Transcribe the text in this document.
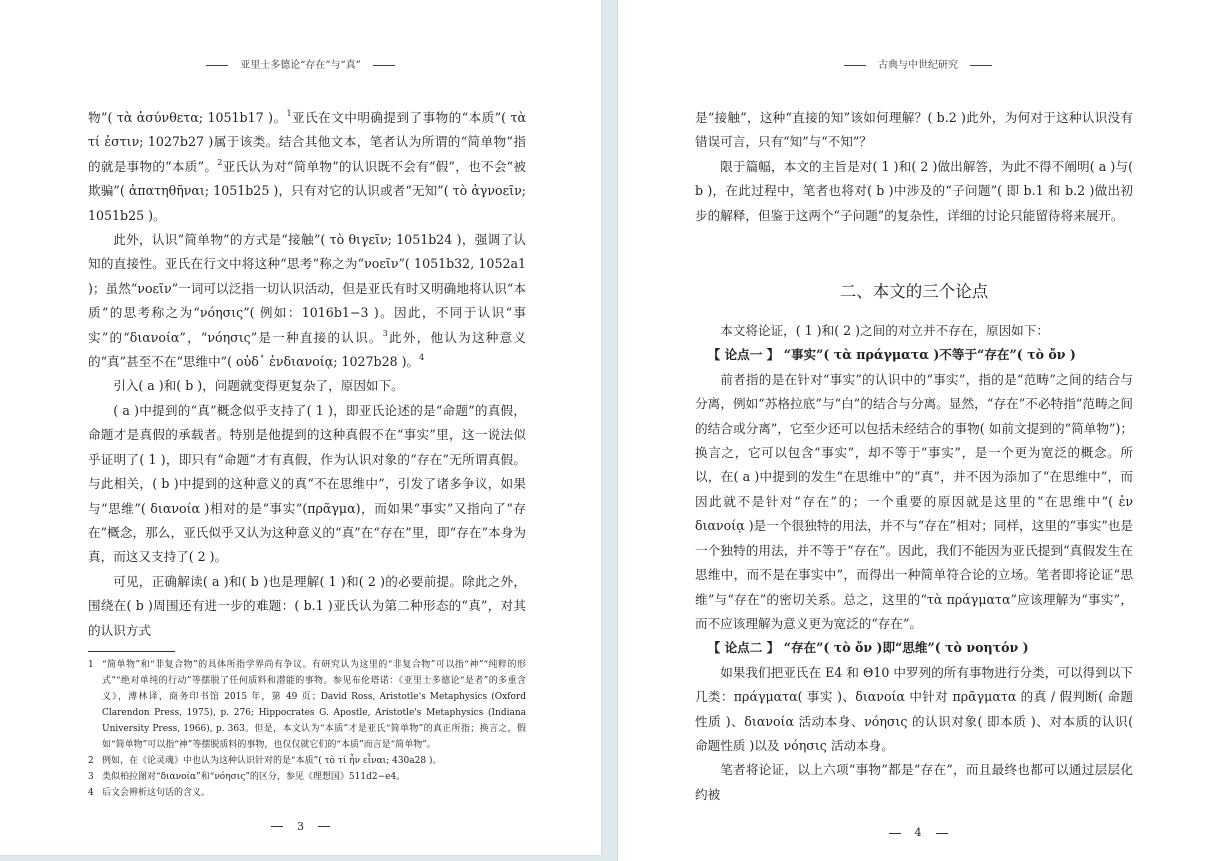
亚里士多德论“存在”与“真”

物”( τὰ ἀσύνθετα; 1051b17 )。$^1$亚氏在文中明确提到了事物的“本质”( τὰ τί ἐστιν; 1027b27 )属于该类。结合其他文本，笔者认为所谓的“简单物”指的就是事物的“本质”。$^2$亚氏认为对“简单物”的认识既不会有“假”，也不会“被欺骗”( ἀπατηθῆναι; 1051b25 )，只有对它的认识或者“无知”( τὸ ἀγνοεῖν; 1051b25 )。

此外，认识“简单物”的方式是“接触”( τὸ θιγεῖν; 1051b24 )，强调了认知的直接性。亚氏在行文中将这种“思考”称之为“νοεῖν”( 1051b32, 1052a1 )；虽然“νοεῖν”一词可以泛指一切认识活动，但是亚氏有时又明确地将认识“本质”的思考称之为“νόησις”( 例如：1016b1−3 )。因此，不同于认识“事实”的“διανοία”，“νόησις”是一种直接的认识。$^3$此外，他认为这种意义的“真”甚至不在“思维中”( οὐδ᾽ ἐνδιανοίᾳ; 1027b28 )。$^4$

引入( a )和( b )，问题就变得更复杂了，原因如下。

( a )中提到的“真”概念似乎支持了( 1 )，即亚氏论述的是“命题”的真假，命题才是真假的承载者。特别是他提到的这种真假不在“事实”里，这一说法似乎证明了( 1 )，即只有“命题”才有真假，作为认识对象的“存在”无所谓真假。与此相关，( b )中提到的这种意义的真“不在思维中”，引发了诸多争议，如果与“思维”( διανοία )相对的是“事实”(πρᾶγμα)，而如果“事实”又指向了“存在”概念，那么，亚氏似乎又认为这种意义的“真”在“存在”里，即“存在”本身为真，而这又支持了( 2 )。

可见，正确解读( a )和( b )也是理解( 1 )和( 2 )的必要前提。除此之外，围绕在( b )周围还有进一步的难题：( b.1 )亚氏认为第二种形态的“真”，对其的认识方式

1 “简单物”和“非复合物”的具体所指学界尚有争议。有研究认为这里的“非复合物”可以指“神”“纯粹的形式”“绝对单纯的行动”等摆脱了任何质料和潜能的事物。参见布伦塔诺：《亚里士多德论“是者”的多重含义》，溥林译，商务印书馆 2015 年，第 49 页；David Ross, Aristotle's Metaphysics (Oxford Clarendon Press, 1975), p. 276; Hippocrates G. Apostle, Aristotle's Metaphysics (Indiana University Press, 1966), p. 363。但是，本文认为“本质”才是亚氏“简单物”的真正所指；换言之，假如“简单物”可以指“神”等摆脱质料的事物，也仅仅就它们的“本质”而言是“简单物”。
2 例如，在《论灵魂》中也认为这种认识针对的是“本质”( τὸ τί ἦν εἶναι; 430a28 )。
3 类似柏拉图对“διανοία”和“νόησις”的区分，参见《理想国》511d2−e4。
4 后文会辨析这句话的含义。
3
古典与中世纪研究

是“接触”，这种“直接的知”该如何理解？( b.2 )此外，为何对于这种认识没有错误可言，只有“知”与“不知”？

限于篇幅，本文的主旨是对( 1 )和( 2 )做出解答，为此不得不阐明( a )与( b )，在此过程中，笔者也将对( b )中涉及的“子问题”( 即 b.1 和 b.2 )做出初步的解释，但鉴于这两个“子问题”的复杂性，详细的讨论只能留待将来展开。

二、本文的三个论点

本文将论证，( 1 )和( 2 )之间的对立并不存在，原因如下：

【 论点一 】 “事实”( τὰ πράγματα )不等于“存在”( τὸ ὄν )

前者指的是在针对“事实”的认识中的“事实”，指的是“范畴”之间的结合与分离，例如“苏格拉底”与“白”的结合与分离。显然，“存在”不必特指“范畴之间的结合或分离”，它至少还可以包括未经结合的事物( 如前文提到的“简单物”)；换言之，它可以包含“事实”，却不等于“事实”，是一个更为宽泛的概念。所以，在( a )中提到的发生“在思维中”的“真”，并不因为添加了“在思维中”，而因此就不是针对“存在”的；一个重要的原因就是这里的“在思维中”( ἐν διανοίᾳ )是一个很独特的用法，并不与“存在”相对；同样，这里的“事实”也是一个独特的用法，并不等于“存在”。因此，我们不能因为亚氏提到“真假发生在思维中，而不是在事实中”，而得出一种简单符合论的立场。笔者即将论证“思维”与“存在”的密切关系。总之，这里的“τὰ πράγματα”应该理解为“事实”，而不应该理解为意义更为宽泛的“存在”。

【 论点二 】 “存在”( τὸ ὄν )即“思维”( τὸ νοητόν )

如果我们把亚氏在 E4 和 Θ10 中罗列的所有事物进行分类，可以得到以下几类：πράγματα( 事实 )、διανοία 中针对 πρᾶγματα 的真 / 假判断( 命题性质 )、διανοία 活动本身、νόησις 的认识对象( 即本质 )、对本质的认识( 命题性质 )以及 νόησις 活动本身。

笔者将论证，以上六项“事物”都是“存在”，而且最终也都可以通过层层化约被

4
